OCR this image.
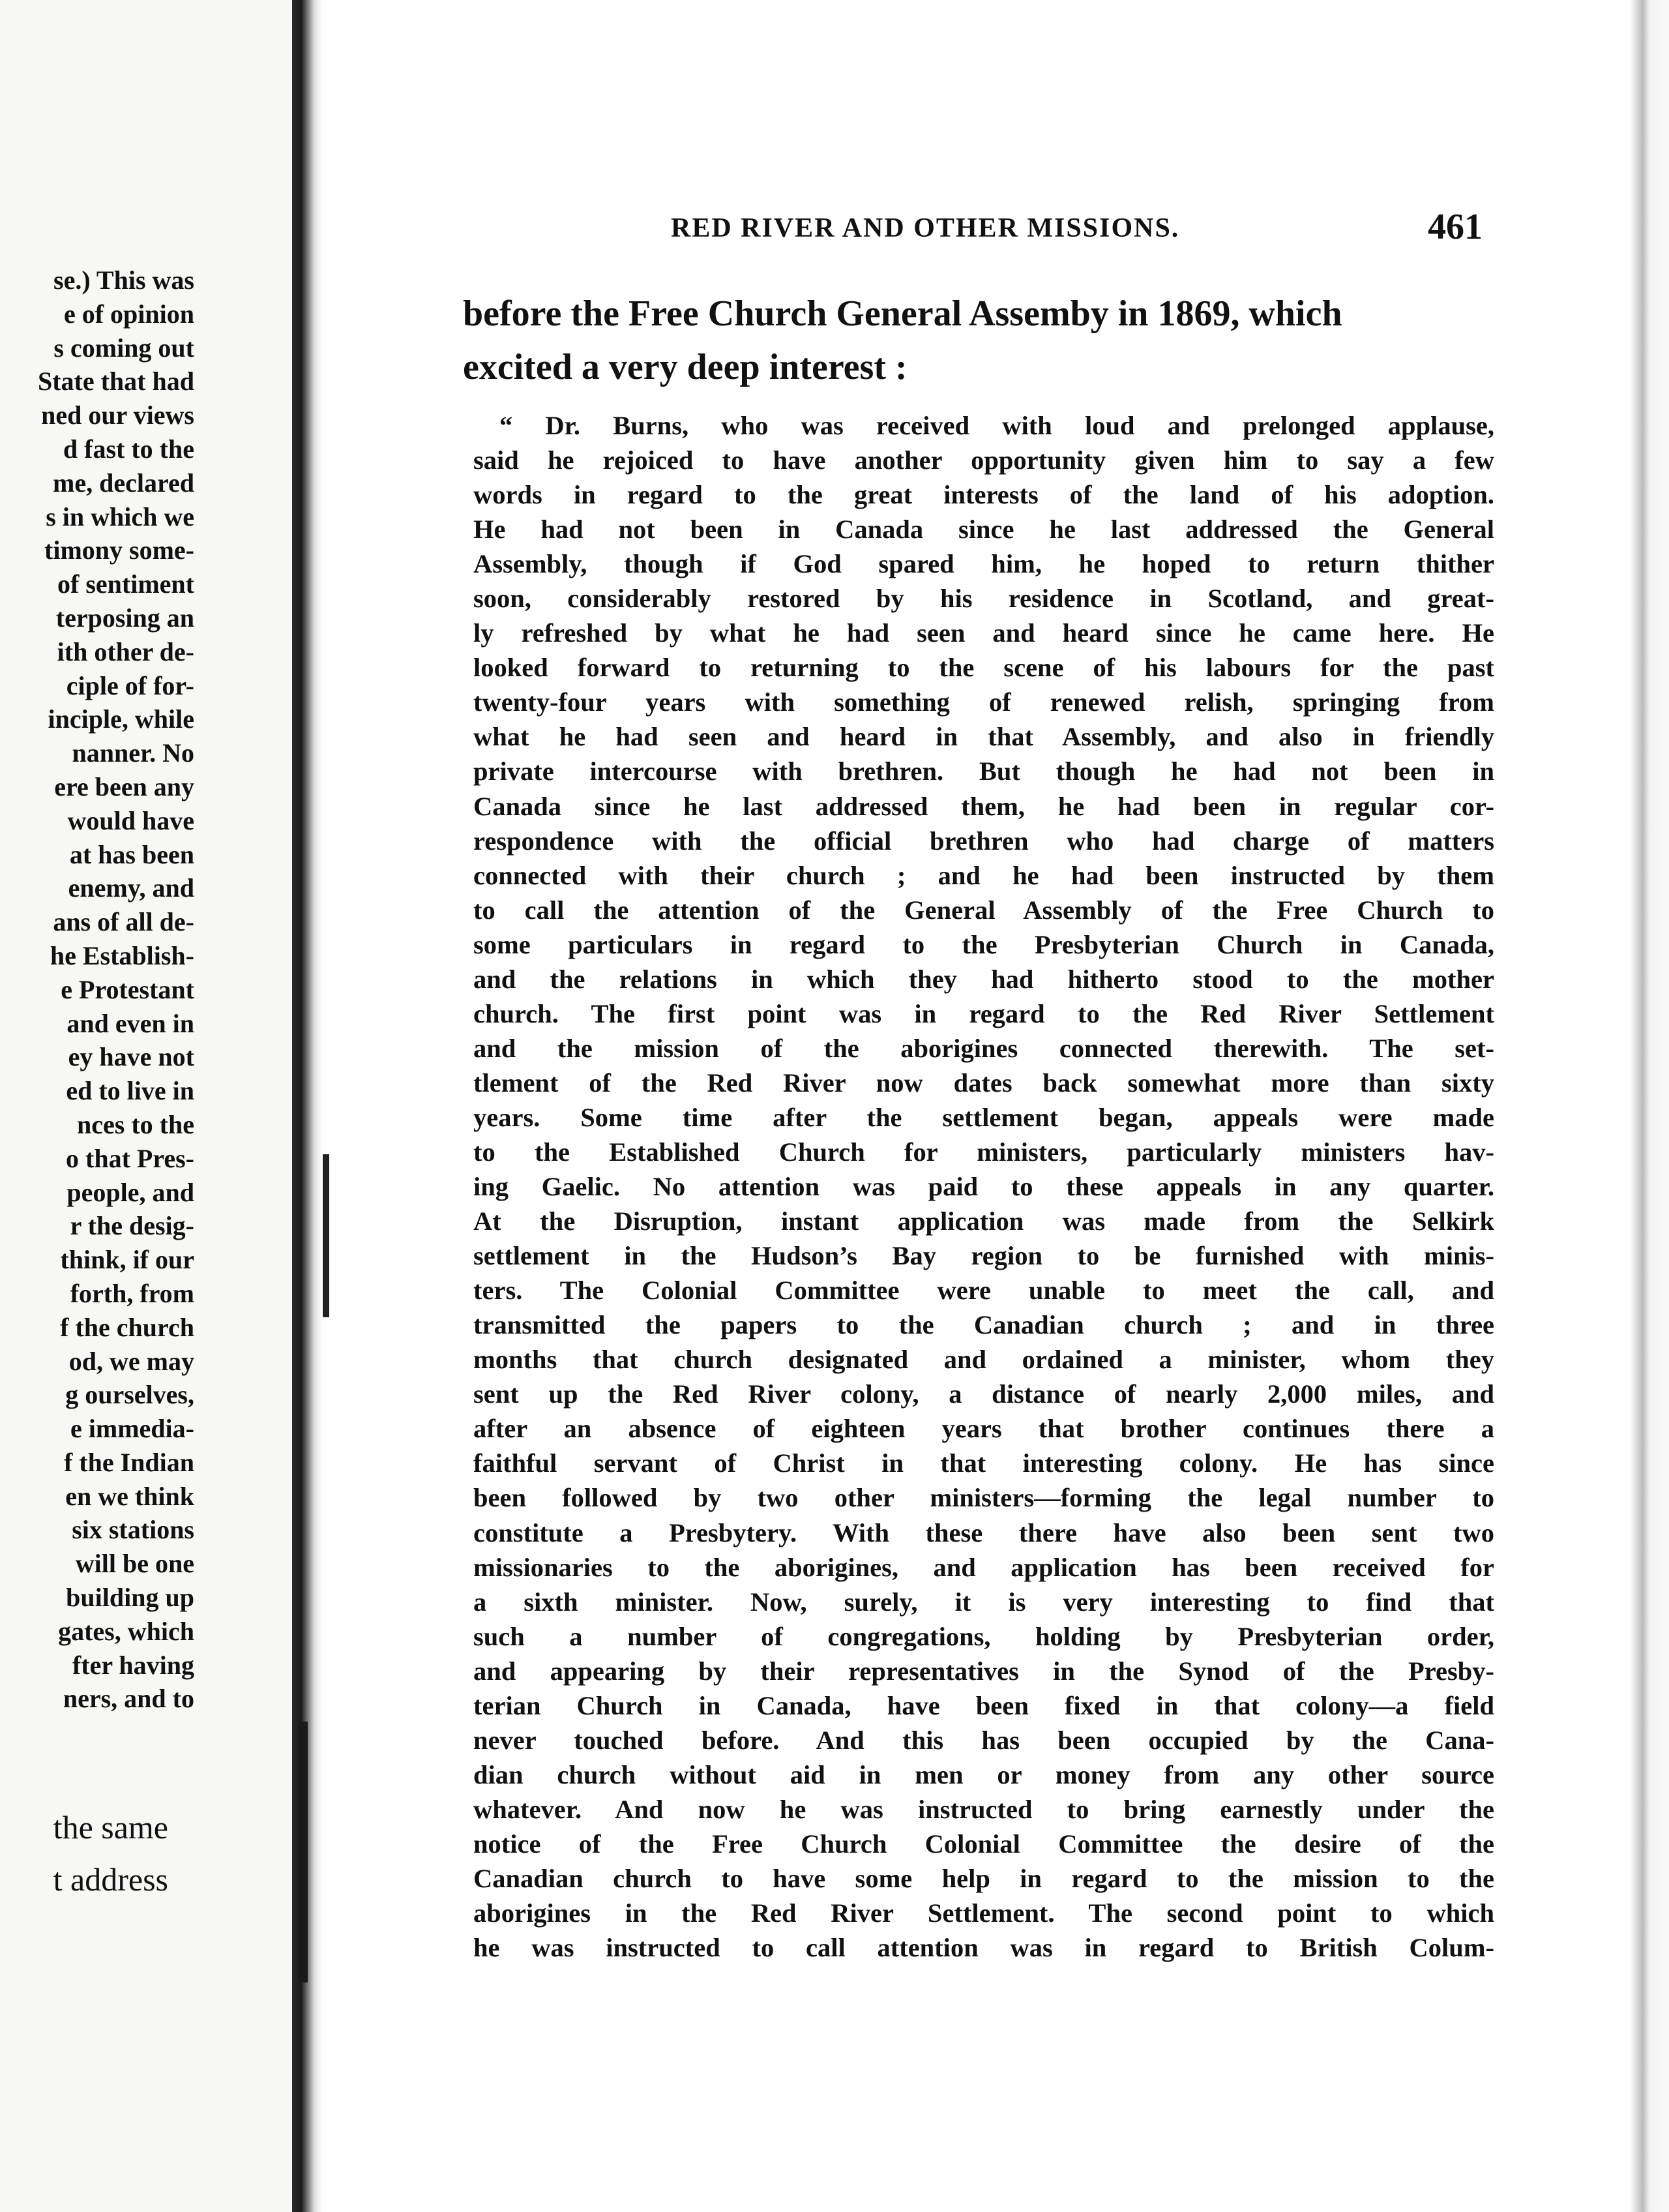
se.) This was
e of opinion
s coming out
State that had
ned our views
d fast to the
me, declared
s in which we
timony some-
of sentiment
terposing an
ith other de-
ciple of for-
inciple, while
nanner. No
ere been any
would have
at has been
enemy, and
ans of all de-
he Establish-
e Protestant
and even in
ey have not
ed to live in
nces to the
o that Pres-
people, and
r the desig-
think, if our
forth, from
f the church
od, we may
g ourselves,
e immedia-
f the Indian
en we think
six stations
will be one
building up
gates, which
fter having
ners, and to
the same
t address
RED RIVER AND OTHER MISSIONS.	461
before the Free Church General Assemby in 1869, which
excited a very deep interest :
“ Dr. Burns, who was received with loud and prelonged applause,
said he rejoiced to have another opportunity given him to say a few
words in regard to the great interests of the land of his adoption.
He had not been in Canada since he last addressed the General
Assembly, though if God spared him, he hoped to return thither
soon, considerably restored by his residence in Scotland, and great-
ly refreshed by what he had seen and heard since he came here. He
looked forward to returning to the scene of his labours for the past
twenty-four years with something of renewed relish, springing from
what he had seen and heard in that Assembly, and also in friendly
private intercourse with brethren. But though he had not been in
Canada since he last addressed them, he had been in regular cor-
respondence with the official brethren who had charge of matters
connected with their church ; and he had been instructed by them
to call the attention of the General Assembly of the Free Church to
some particulars in regard to the Presbyterian Church in Canada,
and the relations in which they had hitherto stood to the mother
church. The first point was in regard to the Red River Settlement
and the mission of the aborigines connected therewith. The set-
tlement of the Red River now dates back somewhat more than sixty
years. Some time after the settlement began, appeals were made
to the Established Church for ministers, particularly ministers hav-
ing Gaelic. No attention was paid to these appeals in any quarter.
At the Disruption, instant application was made from the Selkirk
settlement in the Hudson’s Bay region to be furnished with minis-
ters. The Colonial Committee were unable to meet the call, and
transmitted the papers to the Canadian church ; and in three
months that church designated and ordained a minister, whom they
sent up the Red River colony, a distance of nearly 2,000 miles, and
after an absence of eighteen years that brother continues there a
faithful servant of Christ in that interesting colony. He has since
been followed by two other ministers—forming the legal number to
constitute a Presbytery. With these there have also been sent two
missionaries to the aborigines, and application has been received for
a sixth minister. Now, surely, it is very interesting to find that
such a number of congregations, holding by Presbyterian order,
and appearing by their representatives in the Synod of the Presby-
terian Church in Canada, have been fixed in that colony—a field
never touched before. And this has been occupied by the Cana-
dian church without aid in men or money from any other source
whatever. And now he was instructed to bring earnestly under the
notice of the Free Church Colonial Committee the desire of the
Canadian church to have some help in regard to the mission to the
aborigines in the Red River Settlement. The second point to which
he was instructed to call attention was in regard to British Colum-
